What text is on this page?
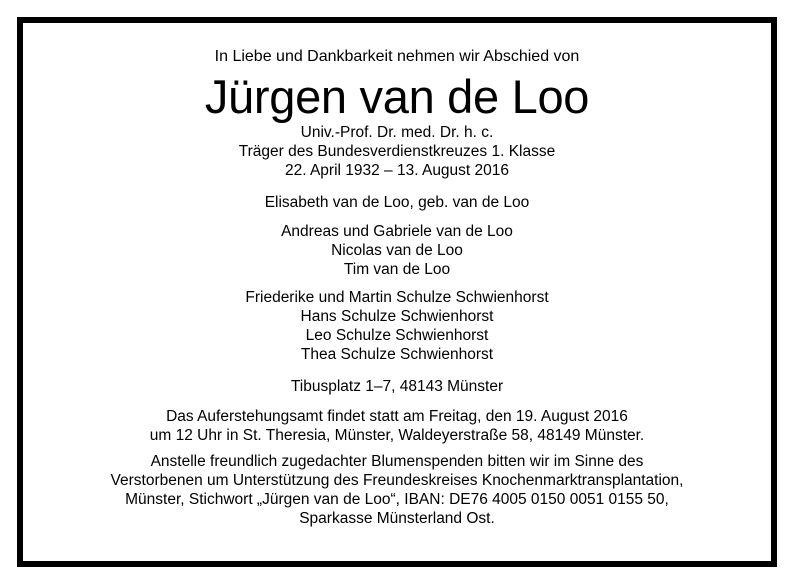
In Liebe und Dankbarkeit nehmen wir Abschied von
Jürgen van de Loo
Univ.-Prof. Dr. med. Dr. h. c.
Träger des Bundesverdienstkreuzes 1. Klasse
22. April 1932 – 13. August 2016
Elisabeth van de Loo, geb. van de Loo
Andreas und Gabriele van de Loo
Nicolas van de Loo
Tim van de Loo
Friederike und Martin Schulze Schwienhorst
Hans Schulze Schwienhorst
Leo Schulze Schwienhorst
Thea Schulze Schwienhorst
Tibusplatz 1–7, 48143 Münster
Das Auferstehungsamt findet statt am Freitag, den 19. August 2016
um 12 Uhr in St. Theresia, Münster, Waldeyerstraße 58, 48149 Münster.
Anstelle freundlich zugedachter Blumenspenden bitten wir im Sinne des
Verstorbenen um Unterstützung des Freundeskreises Knochenmarktransplantation,
Münster, Stichwort „Jürgen van de Loo“, IBAN: DE76 4005 0150 0051 0155 50,
Sparkasse Münsterland Ost.
